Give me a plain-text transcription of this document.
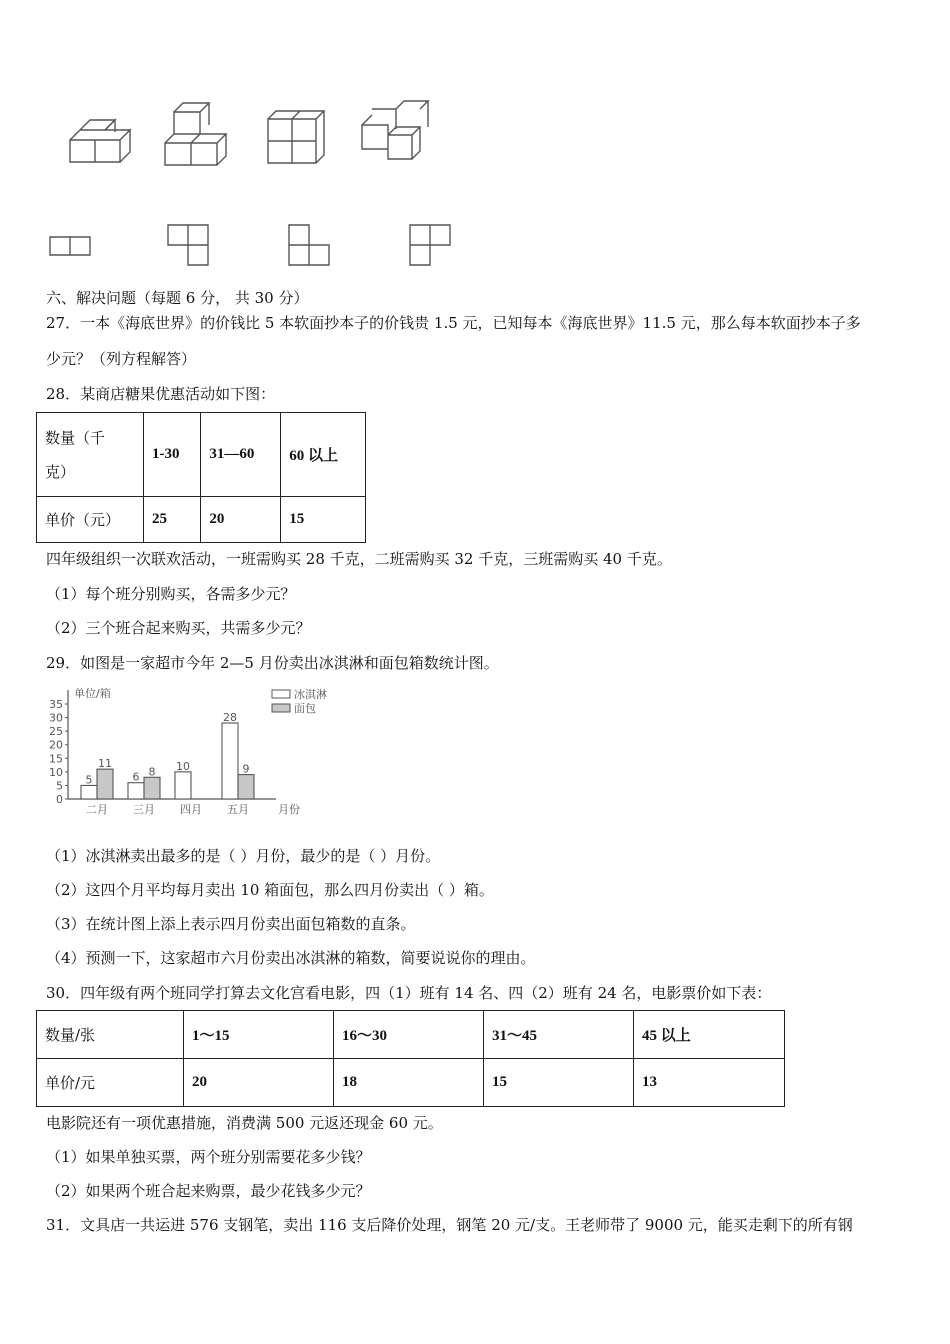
六、解决问题（每题 6 分， 共 30 分）
27．一本《海底世界》的价钱比 5 本软面抄本子的价钱贵 1.5 元，已知每本《海底世界》11.5 元，那么每本软面抄本子多
少元？（列方程解答）
28．某商店糖果优惠活动如下图：
数量（千
克）	1-30	31—60	60 以上
单价（元）	25	20	15
四年级组织一次联欢活动，一班需购买 28 千克，二班需购买 32 千克，三班需购买 40 千克。
（1）每个班分别购买，各需多少元？
（2）三个班合起来购买，共需多少元？
29．如图是一家超市今年 2—5 月份卖出冰淇淋和面包箱数统计图。
单位/箱
月份
0
5
10
15
20
25
30
35
二月
5
11
三月
6 8
四月
10
五月
28
9
冰淇淋
面包
（1）冰淇淋卖出最多的是（ ）月份，最少的是（ ）月份。
（2）这四个月平均每月卖出 10 箱面包，那么四月份卖出（ ）箱。
（3）在统计图上添上表示四月份卖出面包箱数的直条。
（4）预测一下，这家超市六月份卖出冰淇淋的箱数，简要说说你的理由。
30．四年级有两个班同学打算去文化宫看电影，四（1）班有 14 名、四（2）班有 24 名，电影票价如下表：
数量/张	1～15	16～30	31～45	45 以上
单价/元	20	18	15	13
电影院还有一项优惠措施，消费满 500 元返还现金 60 元。
（1）如果单独买票，两个班分别需要花多少钱？
（2）如果两个班合起来购票，最少花钱多少元？
31．文具店一共运进 576 支钢笔，卖出 116 支后降价处理，钢笔 20 元/支。王老师带了 9000 元，能买走剩下的所有钢
